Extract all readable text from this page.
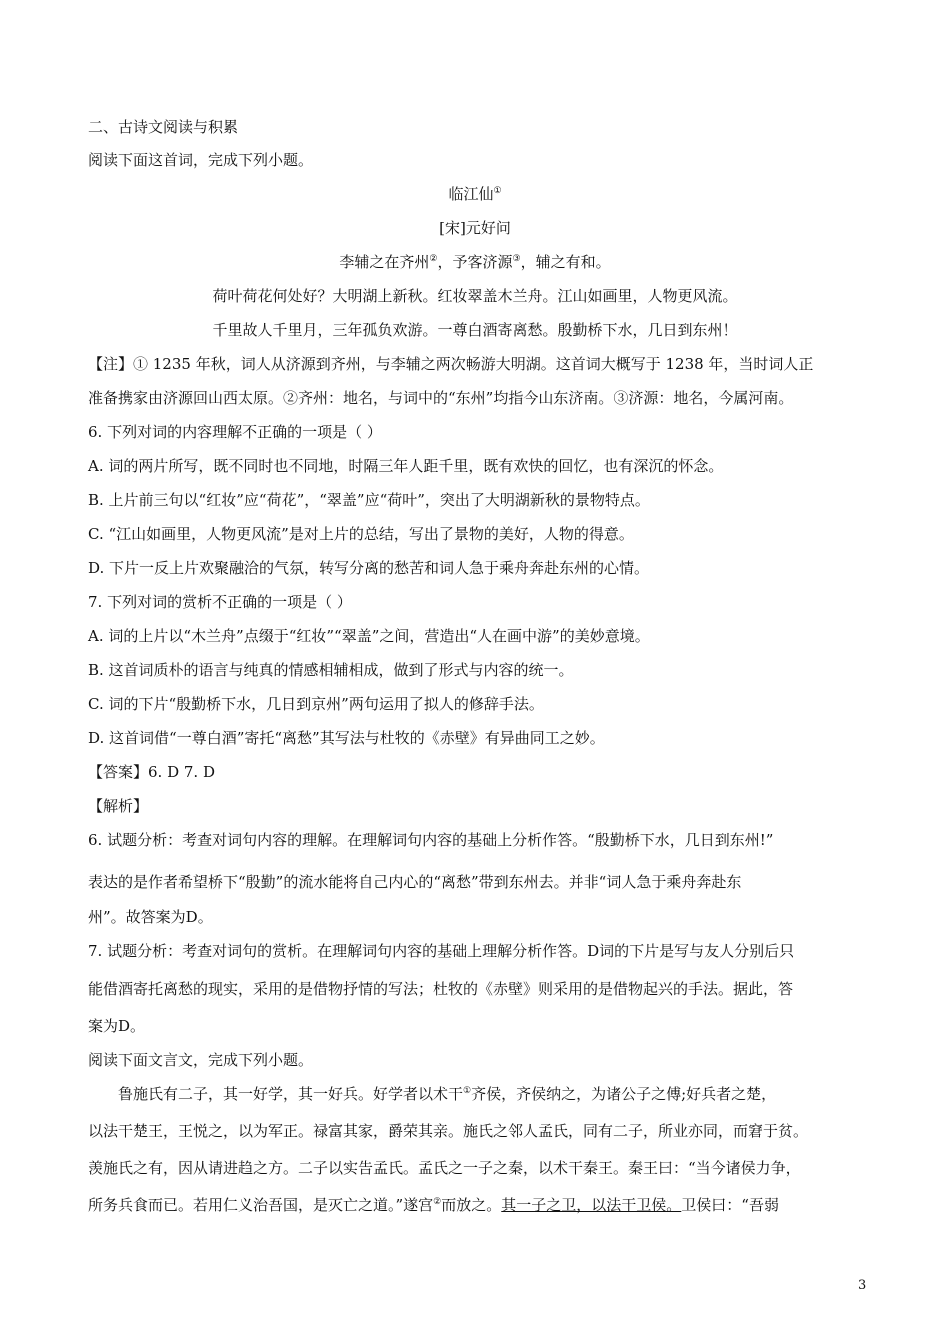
二、古诗文阅读与积累
阅读下面这首词，完成下列小题。
临江仙①
[宋]元好问
李辅之在齐州②，予客济源③，辅之有和。
荷叶荷花何处好？大明湖上新秋。红妆翠盖木兰舟。江山如画里，人物更风流。
千里故人千里月，三年孤负欢游。一尊白酒寄离愁。殷勤桥下水，几日到东州！
【注】① 1235 年秋，词人从济源到齐州，与李辅之两次畅游大明湖。这首词大概写于 1238 年，当时词人正
准备携家由济源回山西太原。②齐州：地名，与词中的“东州”均指今山东济南。③济源：地名，今属河南。
6. 下列对词的内容理解不正确的一项是（ ）
A. 词的两片所写，既不同时也不同地，时隔三年人距千里，既有欢快的回忆，也有深沉的怀念。
B. 上片前三句以“红妆”应“荷花”，“翠盖”应“荷叶”，突出了大明湖新秋的景物特点。
C. “江山如画里，人物更风流”是对上片的总结，写出了景物的美好，人物的得意。
D. 下片一反上片欢聚融洽的气氛，转写分离的愁苦和词人急于乘舟奔赴东州的心情。
7. 下列对词的赏析不正确的一项是（ ）
A. 词的上片以“木兰舟”点缀于“红妆”“翠盖”之间，营造出“人在画中游”的美妙意境。
B. 这首词质朴的语言与纯真的情感相辅相成，做到了形式与内容的统一。
C. 词的下片“殷勤桥下水，几日到京州”两句运用了拟人的修辞手法。
D. 这首词借“一尊白酒”寄托“离愁”其写法与杜牧的《赤壁》有异曲同工之妙。
【答案】6. D 7. D
【解析】
6. 试题分析：考查对词句内容的理解。在理解词句内容的基础上分析作答。“殷勤桥下水，几日到东州!”
表达的是作者希望桥下“殷勤”的流水能将自己内心的“离愁”带到东州去。并非“词人急于乘舟奔赴东
州”。故答案为D。
7. 试题分析：考查对词句的赏析。在理解词句内容的基础上理解分析作答。D词的下片是写与友人分别后只
能借酒寄托离愁的现实，采用的是借物抒情的写法；杜牧的《赤壁》则采用的是借物起兴的手法。据此，答
案为D。
阅读下面文言文，完成下列小题。
鲁施氏有二子，其一好学，其一好兵。好学者以术干①齐侯，齐侯纳之，为诸公子之傅;好兵者之楚，
以法干楚王，王悦之，以为军正。禄富其家，爵荣其亲。施氏之邻人孟氏，同有二子，所业亦同，而窘于贫。
羡施氏之有，因从请进趋之方。二子以实告孟氏。孟氏之一子之秦，以术干秦王。秦王曰：“当今诸侯力争，
所务兵食而已。若用仁义治吾国，是灭亡之道。”遂宫②而放之。其一子之卫，以法干卫侯。卫侯曰：“吾弱
3
